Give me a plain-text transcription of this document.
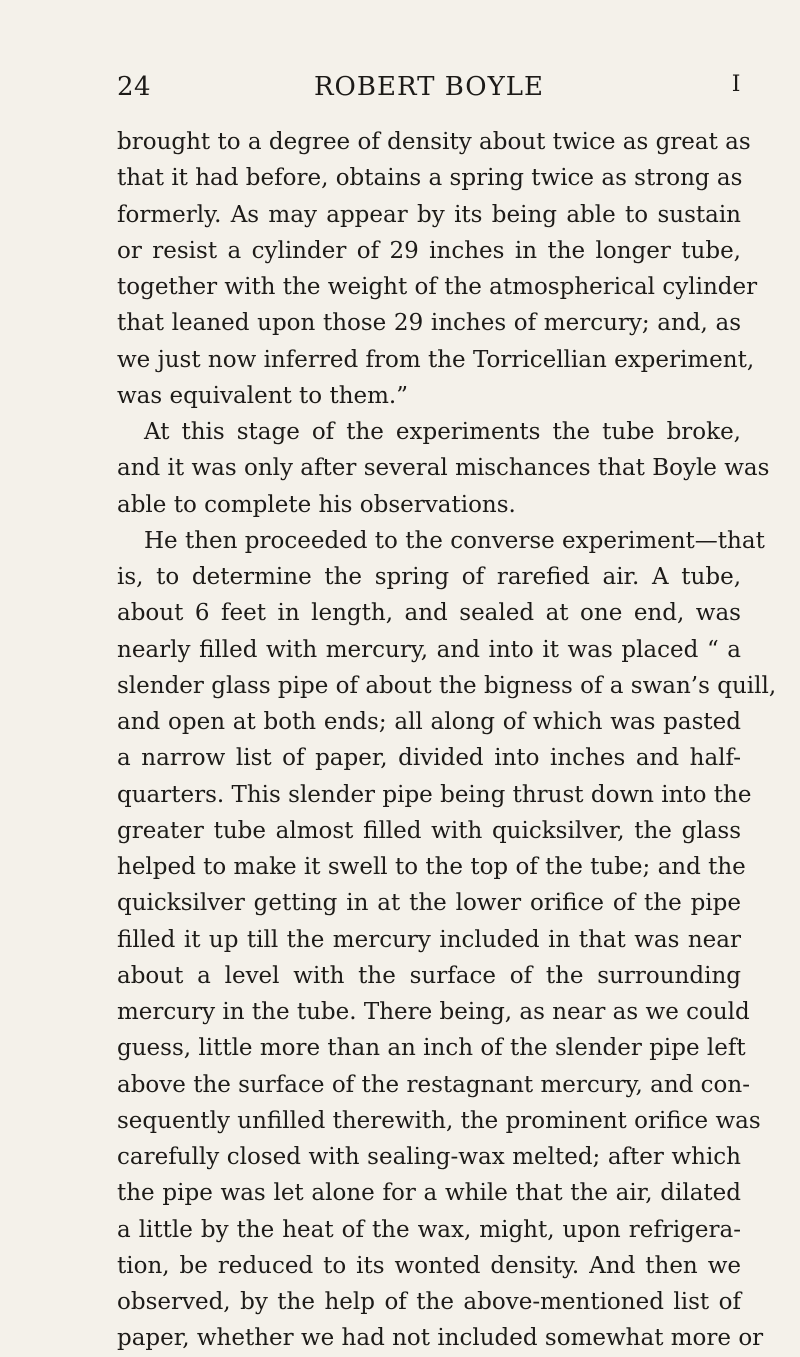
24	ROBERT BOYLE	I
brought to a degree of density about twice as great as
that it had before, obtains a spring twice as strong as
formerly. As may appear by its being able to sustain
or resist a cylinder of 29 inches in the longer tube,
together with the weight of the atmospherical cylinder
that leaned upon those 29 inches of mercury; and, as
we just now inferred from the Torricellian experiment,
was equivalent to them.”
At this stage of the experiments the tube broke,
and it was only after several mischances that Boyle was
able to complete his observations.
He then proceeded to the converse experiment—that
is, to determine the spring of rarefied air. A tube,
about 6 feet in length, and sealed at one end, was
nearly filled with mercury, and into it was placed “ a
slender glass pipe of about the bigness of a swan’s quill,
and open at both ends; all along of which was pasted
a narrow list of paper, divided into inches and half-
quarters. This slender pipe being thrust down into the
greater tube almost filled with quicksilver, the glass
helped to make it swell to the top of the tube; and the
quicksilver getting in at the lower orifice of the pipe
filled it up till the mercury included in that was near
about a level with the surface of the surrounding
mercury in the tube. There being, as near as we could
guess, little more than an inch of the slender pipe left
above the surface of the restagnant mercury, and con-
sequently unfilled therewith, the prominent orifice was
carefully closed with sealing-wax melted; after which
the pipe was let alone for a while that the air, dilated
a little by the heat of the wax, might, upon refrigera-
tion, be reduced to its wonted density. And then we
observed, by the help of the above-mentioned list of
paper, whether we had not included somewhat more or
